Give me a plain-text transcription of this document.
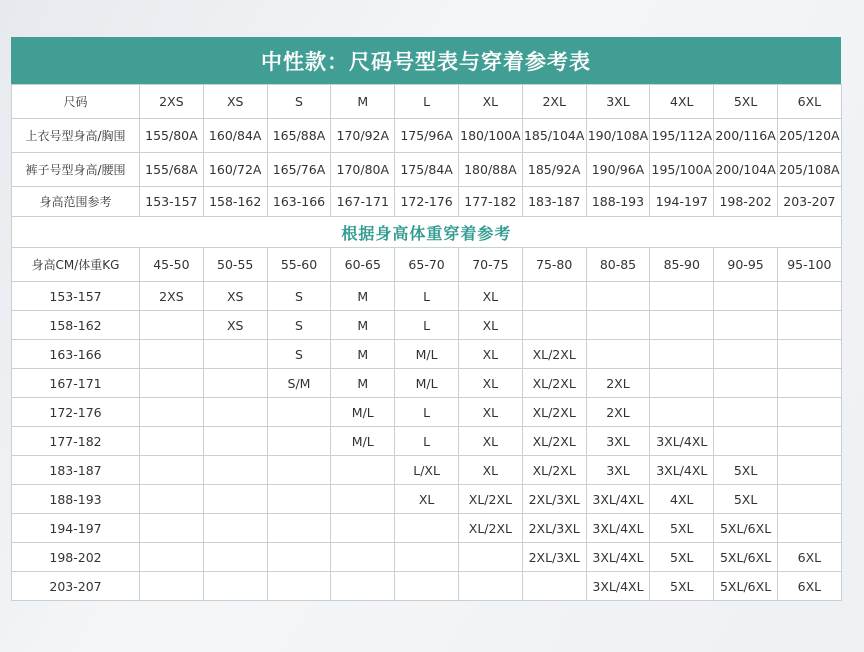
中性款：尺码号型表与穿着参考表
尺码	2XS	XS	S	M	L	XL	2XL	3XL	4XL	5XL	6XL
上衣号型身高/胸围	155/80A	160/84A	165/88A	170/92A	175/96A	180/100A	185/104A	190/108A	195/112A	200/116A	205/120A
裤子号型身高/腰围	155/68A	160/72A	165/76A	170/80A	175/84A	180/88A	185/92A	190/96A	195/100A	200/104A	205/108A
身高范围参考	153-157	158-162	163-166	167-171	172-176	177-182	183-187	188-193	194-197	198-202	203-207
根据身高体重穿着参考											
身高CM/体重KG	45-50	50-55	55-60	60-65	65-70	70-75	75-80	80-85	85-90	90-95	95-100
153-157	2XS	XS	S	M	L	XL					
158-162		XS	S	M	L	XL					
163-166			S	M	M/L	XL	XL/2XL				
167-171			S/M	M	M/L	XL	XL/2XL	2XL			
172-176				M/L	L	XL	XL/2XL	2XL			
177-182				M/L	L	XL	XL/2XL	3XL	3XL/4XL		
183-187					L/XL	XL	XL/2XL	3XL	3XL/4XL	5XL	
188-193					XL	XL/2XL	2XL/3XL	3XL/4XL	4XL	5XL	
194-197						XL/2XL	2XL/3XL	3XL/4XL	5XL	5XL/6XL	
198-202							2XL/3XL	3XL/4XL	5XL	5XL/6XL	6XL
203-207								3XL/4XL	5XL	5XL/6XL	6XL
